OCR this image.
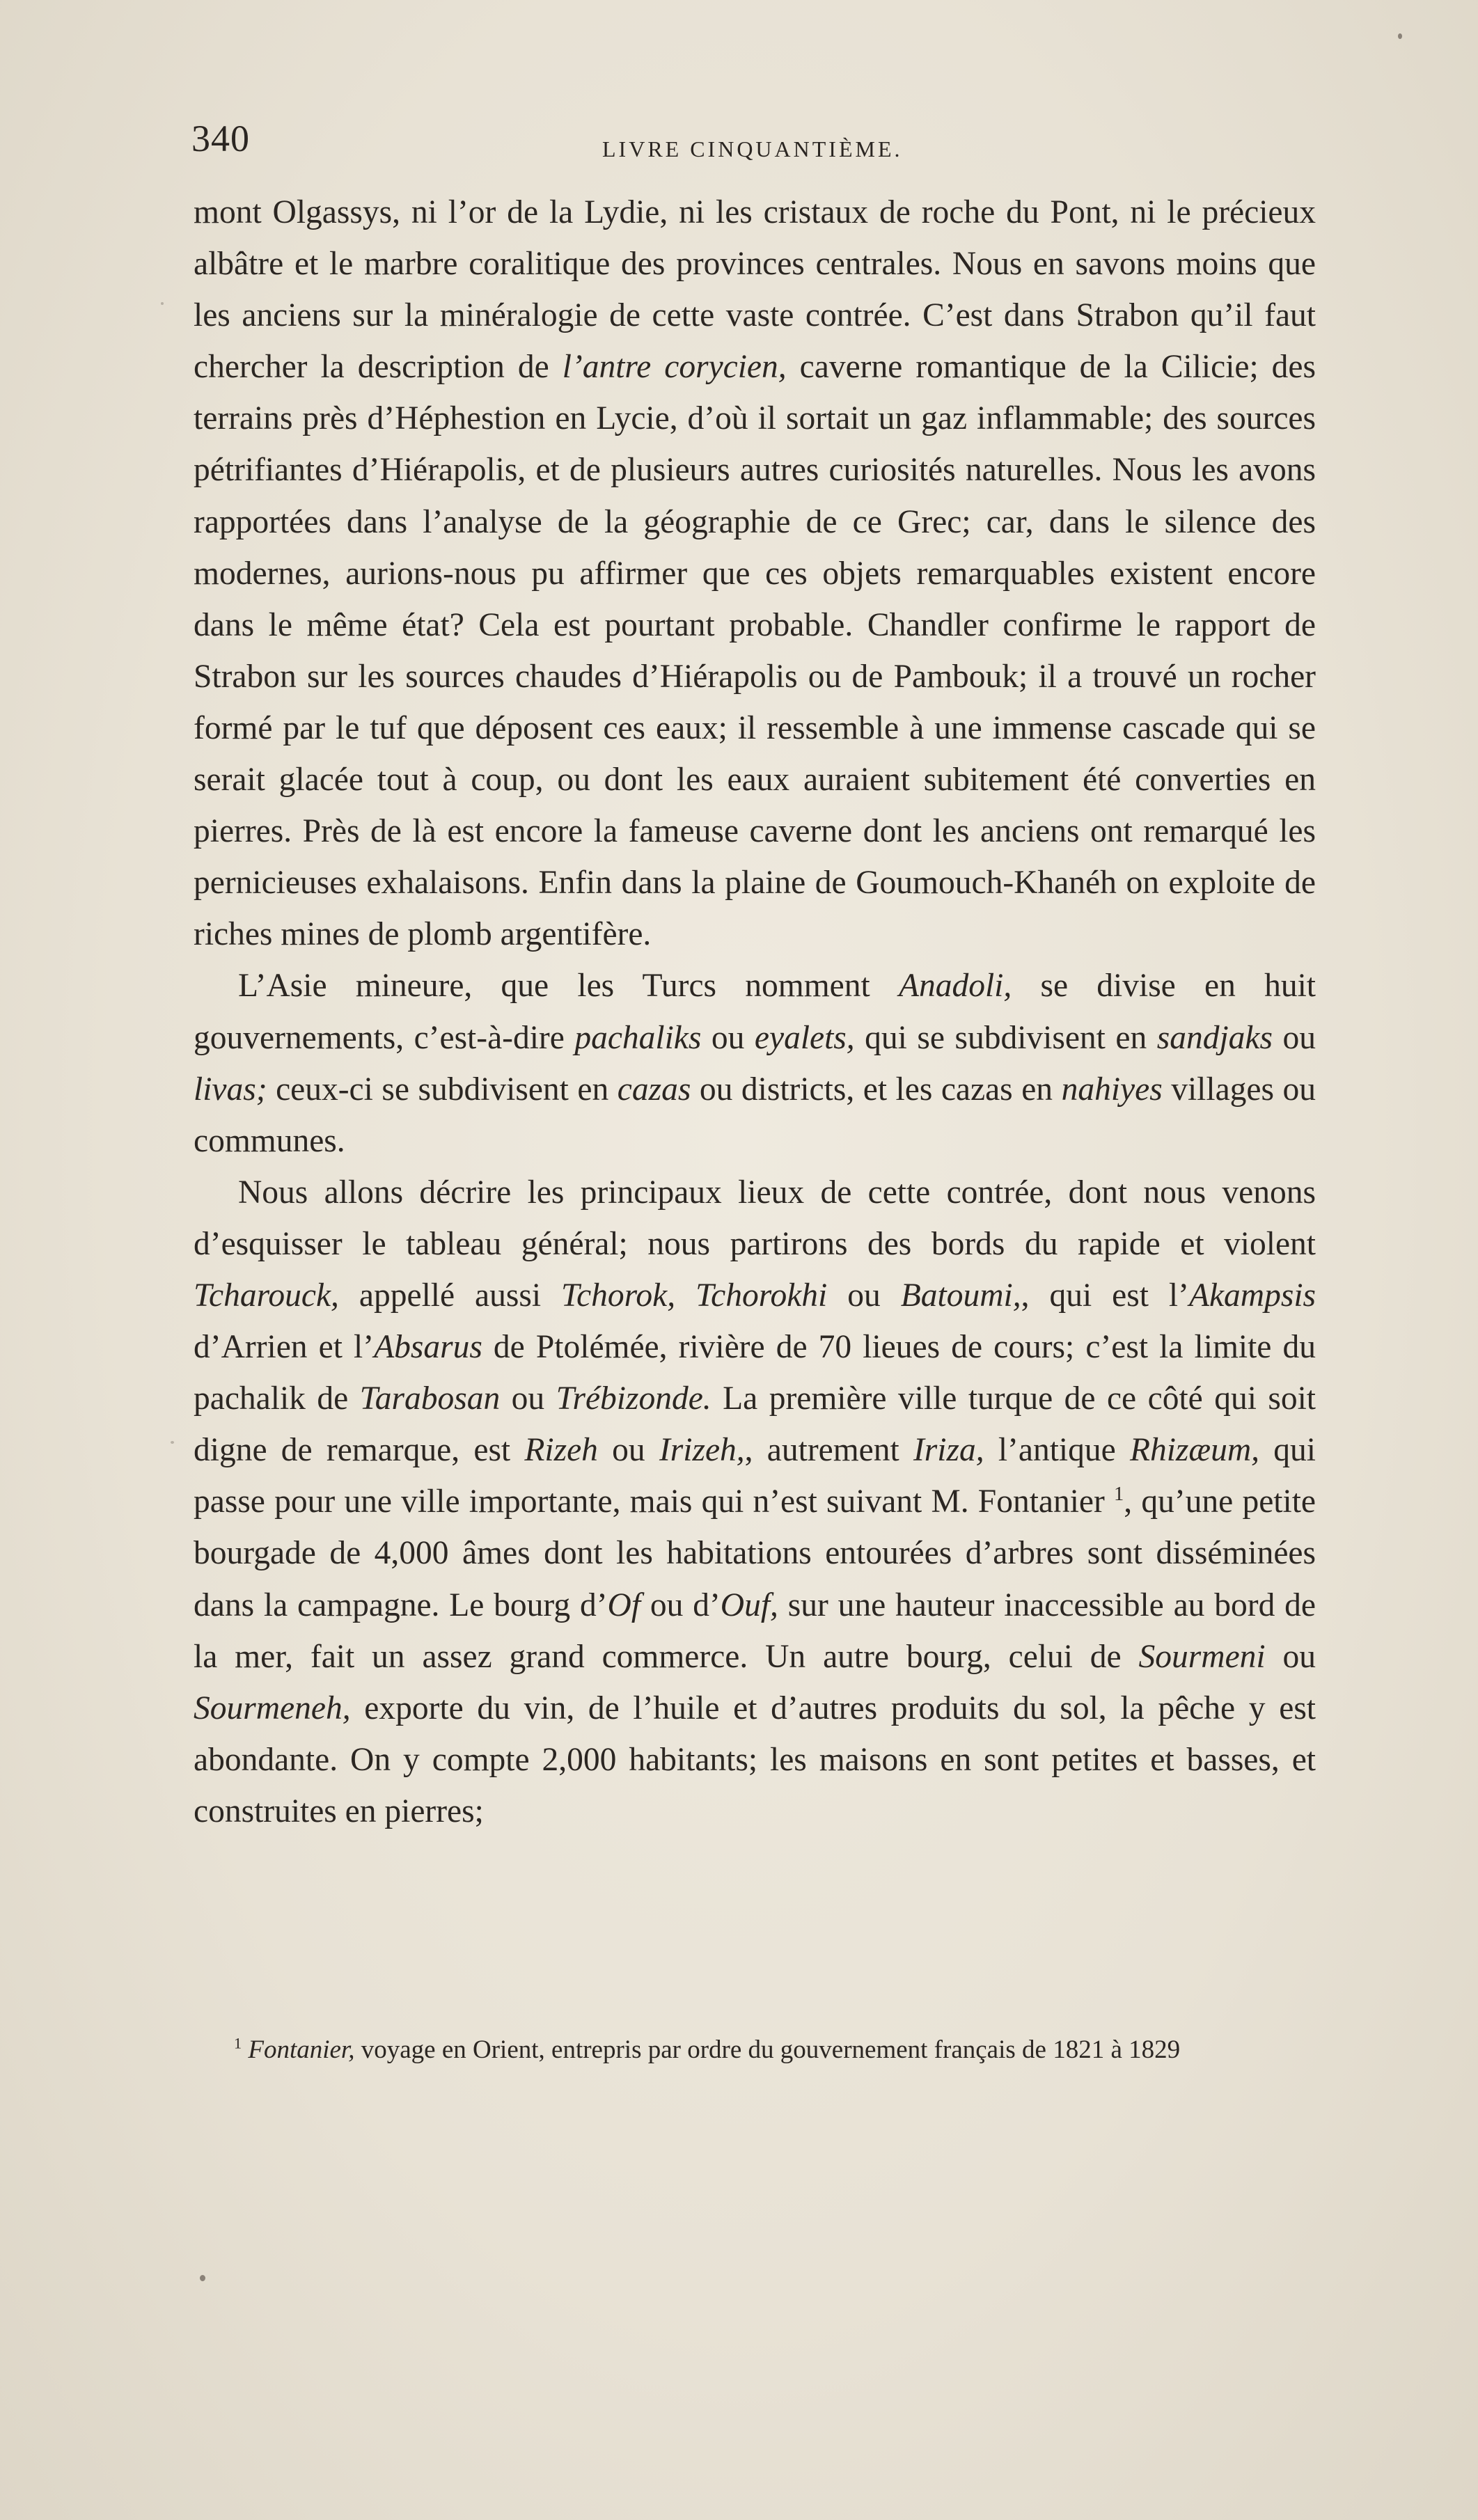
340	LIVRE CINQUANTIÈME.

mont Olgassys, ni l’or de la Lydie, ni les cristaux de roche du Pont, ni le précieux albâtre et le marbre coralitique des provinces centrales. Nous en savons moins que les anciens sur la minéralogie de cette vaste contrée. C’est dans Strabon qu’il faut chercher la description de l’antre corycien, caverne romantique de la Cilicie; des terrains près d’Héphestion en Lycie, d’où il sortait un gaz inflammable; des sources pétrifiantes d’Hiérapolis, et de plusieurs autres curiosités naturelles. Nous les avons rapportées dans l’analyse de la géographie de ce Grec; car, dans le silence des modernes, aurions-nous pu affirmer que ces objets remarquables existent encore dans le même état? Cela est pourtant probable. Chandler confirme le rapport de Strabon sur les sources chaudes d’Hiérapolis ou de Pambouk; il a trouvé un rocher formé par le tuf que déposent ces eaux; il ressemble à une immense cascade qui se serait glacée tout à coup, ou dont les eaux auraient subitement été converties en pierres. Près de là est encore la fameuse caverne dont les anciens ont remarqué les pernicieuses exhalaisons. Enfin dans la plaine de Goumouch-Khanéh on exploite de riches mines de plomb argentifère.

L’Asie mineure, que les Turcs nomment Anadoli, se divise en huit gouvernements, c’est-à-dire pachaliks ou eyalets, qui se subdivisent en sandjaks ou livas; ceux-ci se subdivisent en cazas ou districts, et les cazas en nahiyes villages ou communes.

Nous allons décrire les principaux lieux de cette contrée, dont nous venons d’esquisser le tableau général; nous partirons des bords du rapide et violent Tcharouck, appellé aussi Tchorok, Tchorokhi ou Batoumi,, qui est l’Akampsis d’Arrien et l’Absarus de Ptolémée, rivière de 70 lieues de cours; c’est la limite du pachalik de Tarabosan ou Trébizonde. La première ville turque de ce côté qui soit digne de remarque, est Rizeh ou Irizeh,, autrement Iriza, l’antique Rhizæum, qui passe pour une ville importante, mais qui n’est suivant M. Fontanier $^1$, qu’une petite bourgade de 4,000 âmes dont les habitations entourées d’arbres sont disséminées dans la campagne. Le bourg d’Of ou d’Ouf, sur une hauteur inaccessible au bord de la mer, fait un assez grand commerce. Un autre bourg, celui de Sourmeni ou Sourmeneh, exporte du vin, de l’huile et d’autres produits du sol, la pêche y est abondante. On y compte 2,000 habitants; les maisons en sont petites et basses, et construites en pierres;

$^1$ Fontanier, voyage en Orient, entrepris par ordre du gouvernement français de 1821 à 1829
